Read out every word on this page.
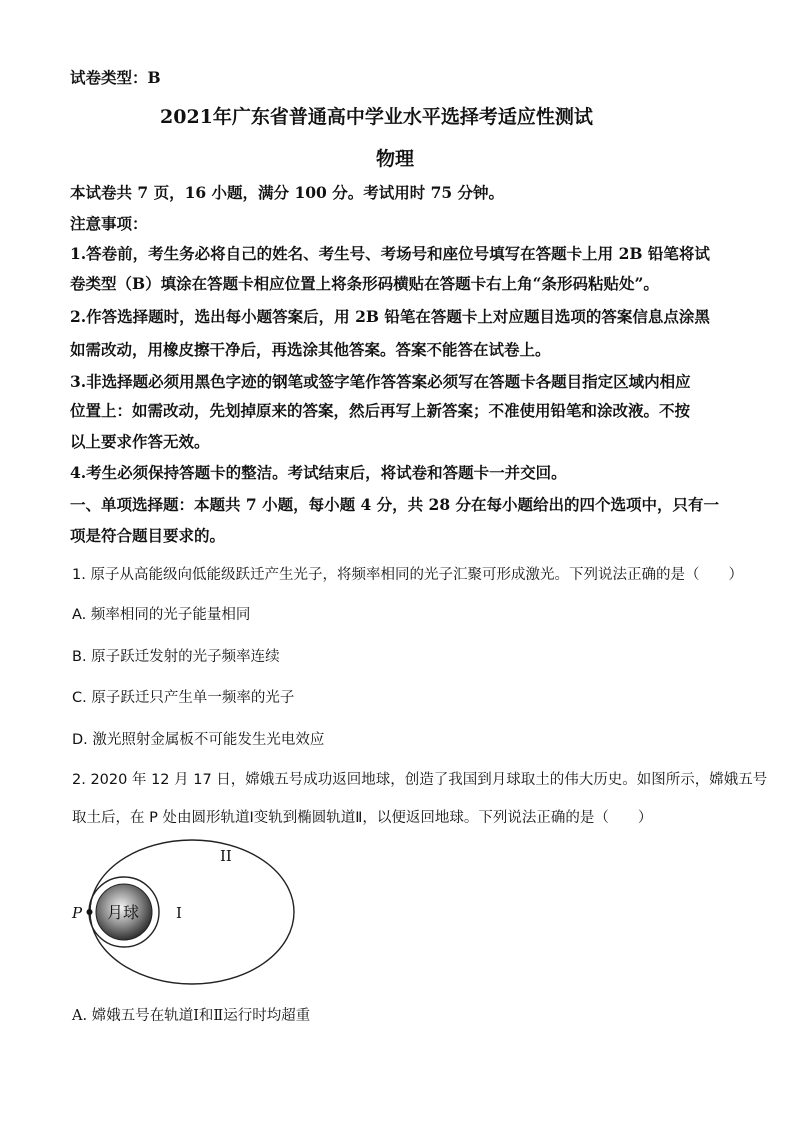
试卷类型：B
2021年广东省普通高中学业水平选择考适应性测试
物理
本试卷共 7 页，16 小题，满分 100 分。考试用时 75 分钟。
注意事项：
1.答卷前，考生务必将自己的姓名、考生号、考场号和座位号填写在答题卡上用 2B 铅笔将试
卷类型（B）填涂在答题卡相应位置上将条形码横贴在答题卡右上角“条形码粘贴处”。
2.作答选择题时，选出每小题答案后，用 2B 铅笔在答题卡上对应题目选项的答案信息点涂黑
如需改动，用橡皮擦干净后，再选涂其他答案。答案不能答在试卷上。
3.非选择题必须用黑色字迹的钢笔或签字笔作答答案必须写在答题卡各题目指定区域内相应
位置上：如需改动，先划掉原来的答案，然后再写上新答案；不准使用铅笔和涂改液。不按
以上要求作答无效。
4.考生必须保持答题卡的整洁。考试结束后，将试卷和答题卡一并交回。
一、单项选择题：本题共 7 小题，每小题 4 分，共 28 分在每小题给出的四个选项中，只有一
项是符合题目要求的。
1. 原子从高能级向低能级跃迁产生光子，将频率相同的光子汇聚可形成激光。下列说法正确的是（　　）
A. 频率相同的光子能量相同
B. 原子跃迁发射的光子频率连续
C. 原子跃迁只产生单一频率的光子
D. 激光照射金属板不可能发生光电效应
2. 2020 年 12 月 17 日，嫦娥五号成功返回地球，创造了我国到月球取土的伟大历史。如图所示，嫦娥五号
取土后，在 P 处由圆形轨道Ⅰ变轨到椭圆轨道Ⅱ，以便返回地球。下列说法正确的是（　　）
月球
P	I
II
A. 嫦娥五号在轨道Ⅰ和Ⅱ运行时均超重
